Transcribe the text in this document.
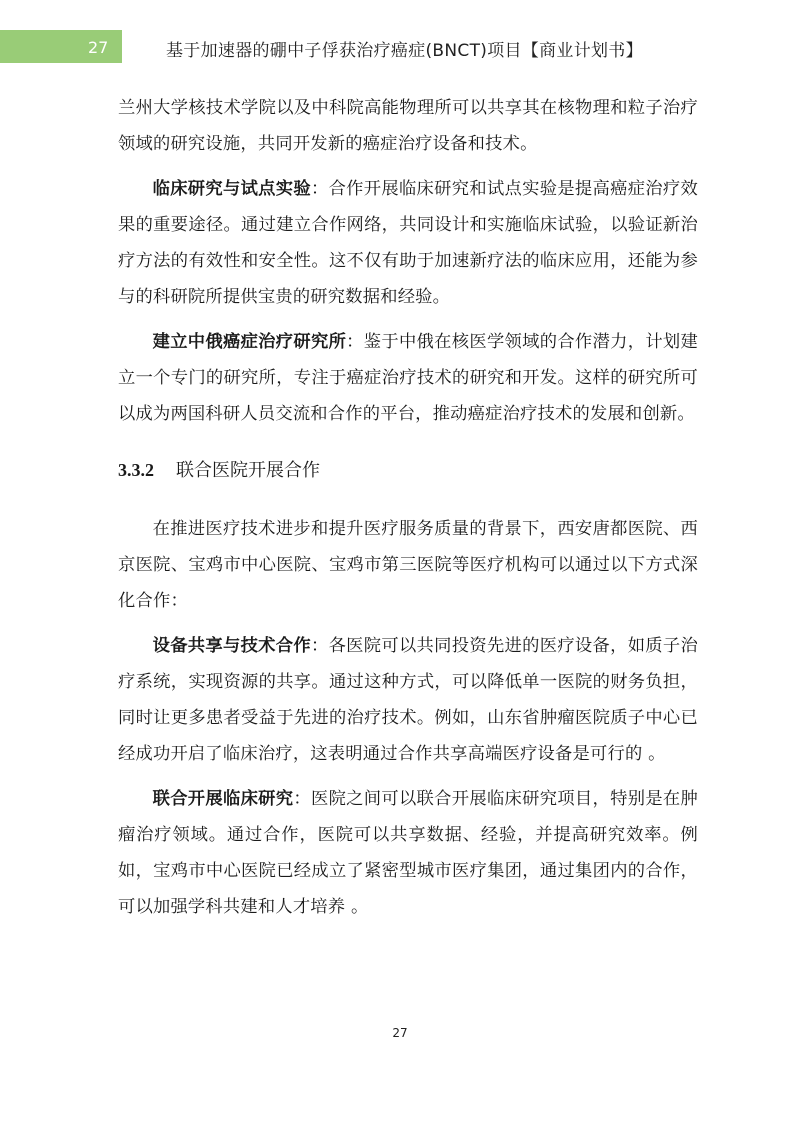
27	基于加速器的硼中子俘获治疗癌症(BNCT)项目【商业计划书】

兰州大学核技术学院以及中科院高能物理所可以共享其在核物理和粒子治疗领域的研究设施，共同开发新的癌症治疗设备和技术。

临床研究与试点实验：合作开展临床研究和试点实验是提高癌症治疗效果的重要途径。通过建立合作网络，共同设计和实施临床试验，以验证新治疗方法的有效性和安全性。这不仅有助于加速新疗法的临床应用，还能为参与的科研院所提供宝贵的研究数据和经验。

建立中俄癌症治疗研究所：鉴于中俄在核医学领域的合作潜力，计划建立一个专门的研究所，专注于癌症治疗技术的研究和开发。这样的研究所可以成为两国科研人员交流和合作的平台，推动癌症治疗技术的发展和创新。

3.3.2 联合医院开展合作

在推进医疗技术进步和提升医疗服务质量的背景下，西安唐都医院、西京医院、宝鸡市中心医院、宝鸡市第三医院等医疗机构可以通过以下方式深化合作：

设备共享与技术合作：各医院可以共同投资先进的医疗设备，如质子治疗系统，实现资源的共享。通过这种方式，可以降低单一医院的财务负担，同时让更多患者受益于先进的治疗技术。例如，山东省肿瘤医院质子中心已经成功开启了临床治疗，这表明通过合作共享高端医疗设备是可行的 。

联合开展临床研究：医院之间可以联合开展临床研究项目，特别是在肿瘤治疗领域。通过合作，医院可以共享数据、经验，并提高研究效率。例如，宝鸡市中心医院已经成立了紧密型城市医疗集团，通过集团内的合作，可以加强学科共建和人才培养 。

27
